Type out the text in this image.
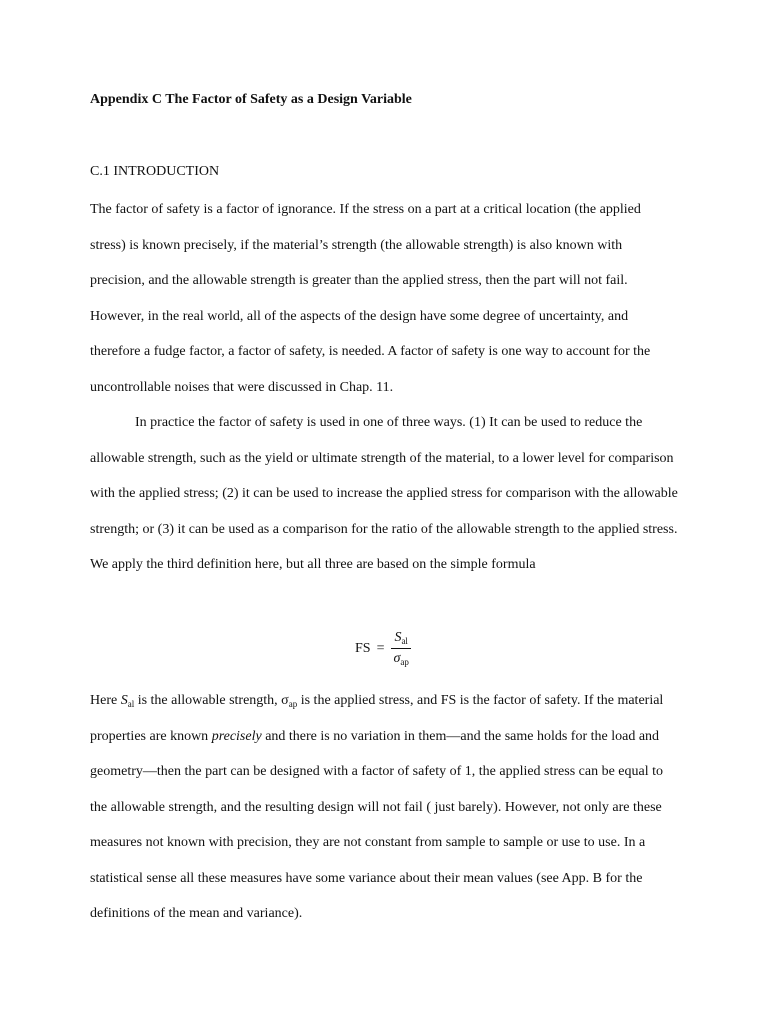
Appendix C The Factor of Safety as a Design Variable
C.1 INTRODUCTION

The factor of safety is a factor of ignorance. If the stress on a part at a critical location (the applied stress) is known precisely, if the material’s strength (the allowable strength) is also known with precision, and the allowable strength is greater than the applied stress, then the part will not fail. However, in the real world, all of the aspects of the design have some degree of uncertainty, and therefore a fudge factor, a factor of safety, is needed. A factor of safety is one way to account for the uncontrollable noises that were discussed in Chap. 11.

In practice the factor of safety is used in one of three ways. (1) It can be used to reduce the allowable strength, such as the yield or ultimate strength of the material, to a lower level for comparison with the applied stress; (2) it can be used to increase the applied stress for comparison with the allowable strength; or (3) it can be used as a comparison for the ratio of the allowable strength to the applied stress. We apply the third definition here, but all three are based on the simple formula

FS = $\frac{S_{al}}{\sigma_{ap}}$

Here $S_{al}$ is the allowable strength, $\sigma_{ap}$ is the applied stress, and FS is the factor of safety. If the material properties are known precisely and there is no variation in them—and the same holds for the load and geometry—then the part can be designed with a factor of safety of 1, the applied stress can be equal to the allowable strength, and the resulting design will not fail ( just barely). However, not only are these measures not known with precision, they are not constant from sample to sample or use to use. In a statistical sense all these measures have some variance about their mean values (see App. B for the definitions of the mean and variance).
